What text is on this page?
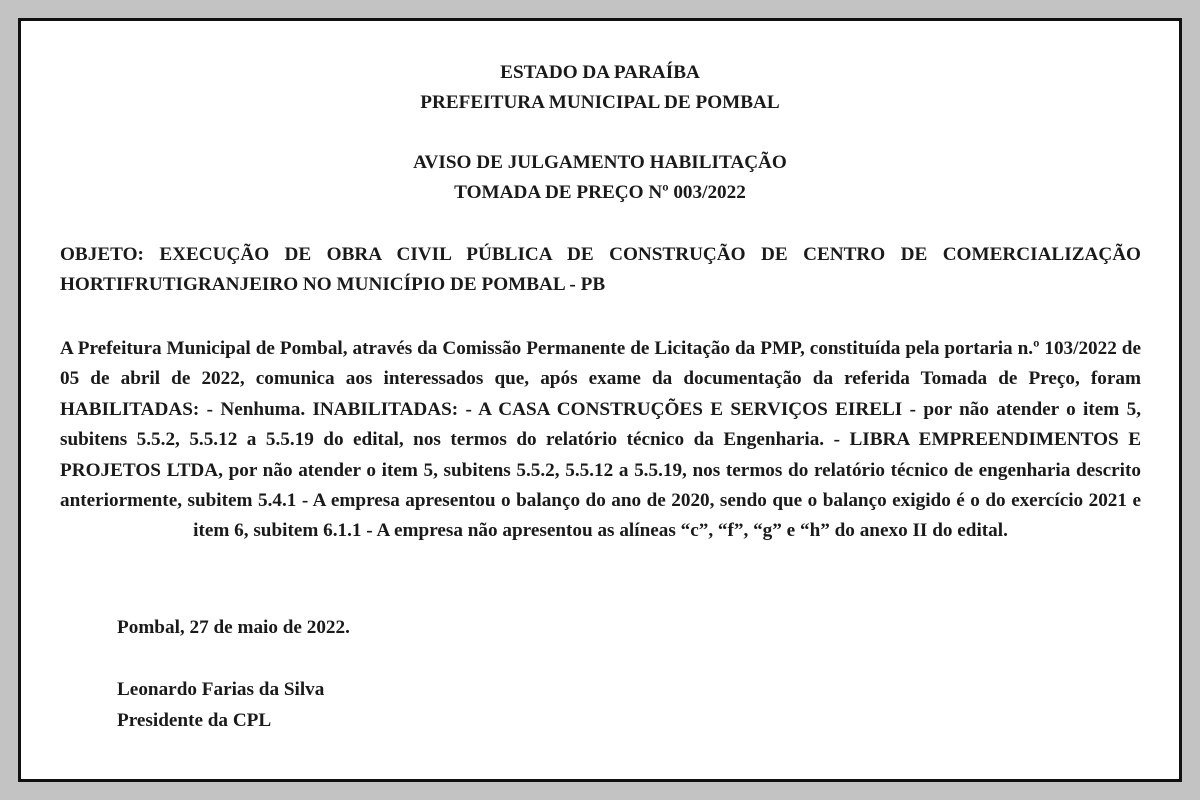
ESTADO DA PARAÍBA

PREFEITURA MUNICIPAL DE POMBAL

AVISO DE JULGAMENTO HABILITAÇÃO

TOMADA DE PREÇO Nº 003/2022

OBJETO: EXECUÇÃO DE OBRA CIVIL PÚBLICA DE CONSTRUÇÃO DE CENTRO DE COMERCIALIZAÇÃO HORTIFRUTIGRANJEIRO NO MUNICÍPIO DE POMBAL - PB

A Prefeitura Municipal de Pombal, através da Comissão Permanente de Licitação da PMP, constituída pela portaria n.º 103/2022 de 05 de abril de 2022, comunica aos interessados que, após exame da documentação da referida Tomada de Preço, foram HABILITADAS: - Nenhuma. INABILITADAS: - A CASA CONSTRUÇÕES E SERVIÇOS EIRELI - por não atender o item 5, subitens 5.5.2, 5.5.12 a 5.5.19 do edital, nos termos do relatório técnico da Engenharia. - LIBRA EMPREENDIMENTOS E PROJETOS LTDA, por não atender o item 5, subitens 5.5.2, 5.5.12 a 5.5.19, nos termos do relatório técnico de engenharia descrito anteriormente, subitem 5.4.1 - A empresa apresentou o balanço do ano de 2020, sendo que o balanço exigido é o do exercício 2021 e item 6, subitem 6.1.1 - A empresa não apresentou as alíneas “c”, “f”, “g” e “h” do anexo II do edital.

Pombal, 27 de maio de 2022.

Leonardo Farias da Silva

Presidente da CPL
